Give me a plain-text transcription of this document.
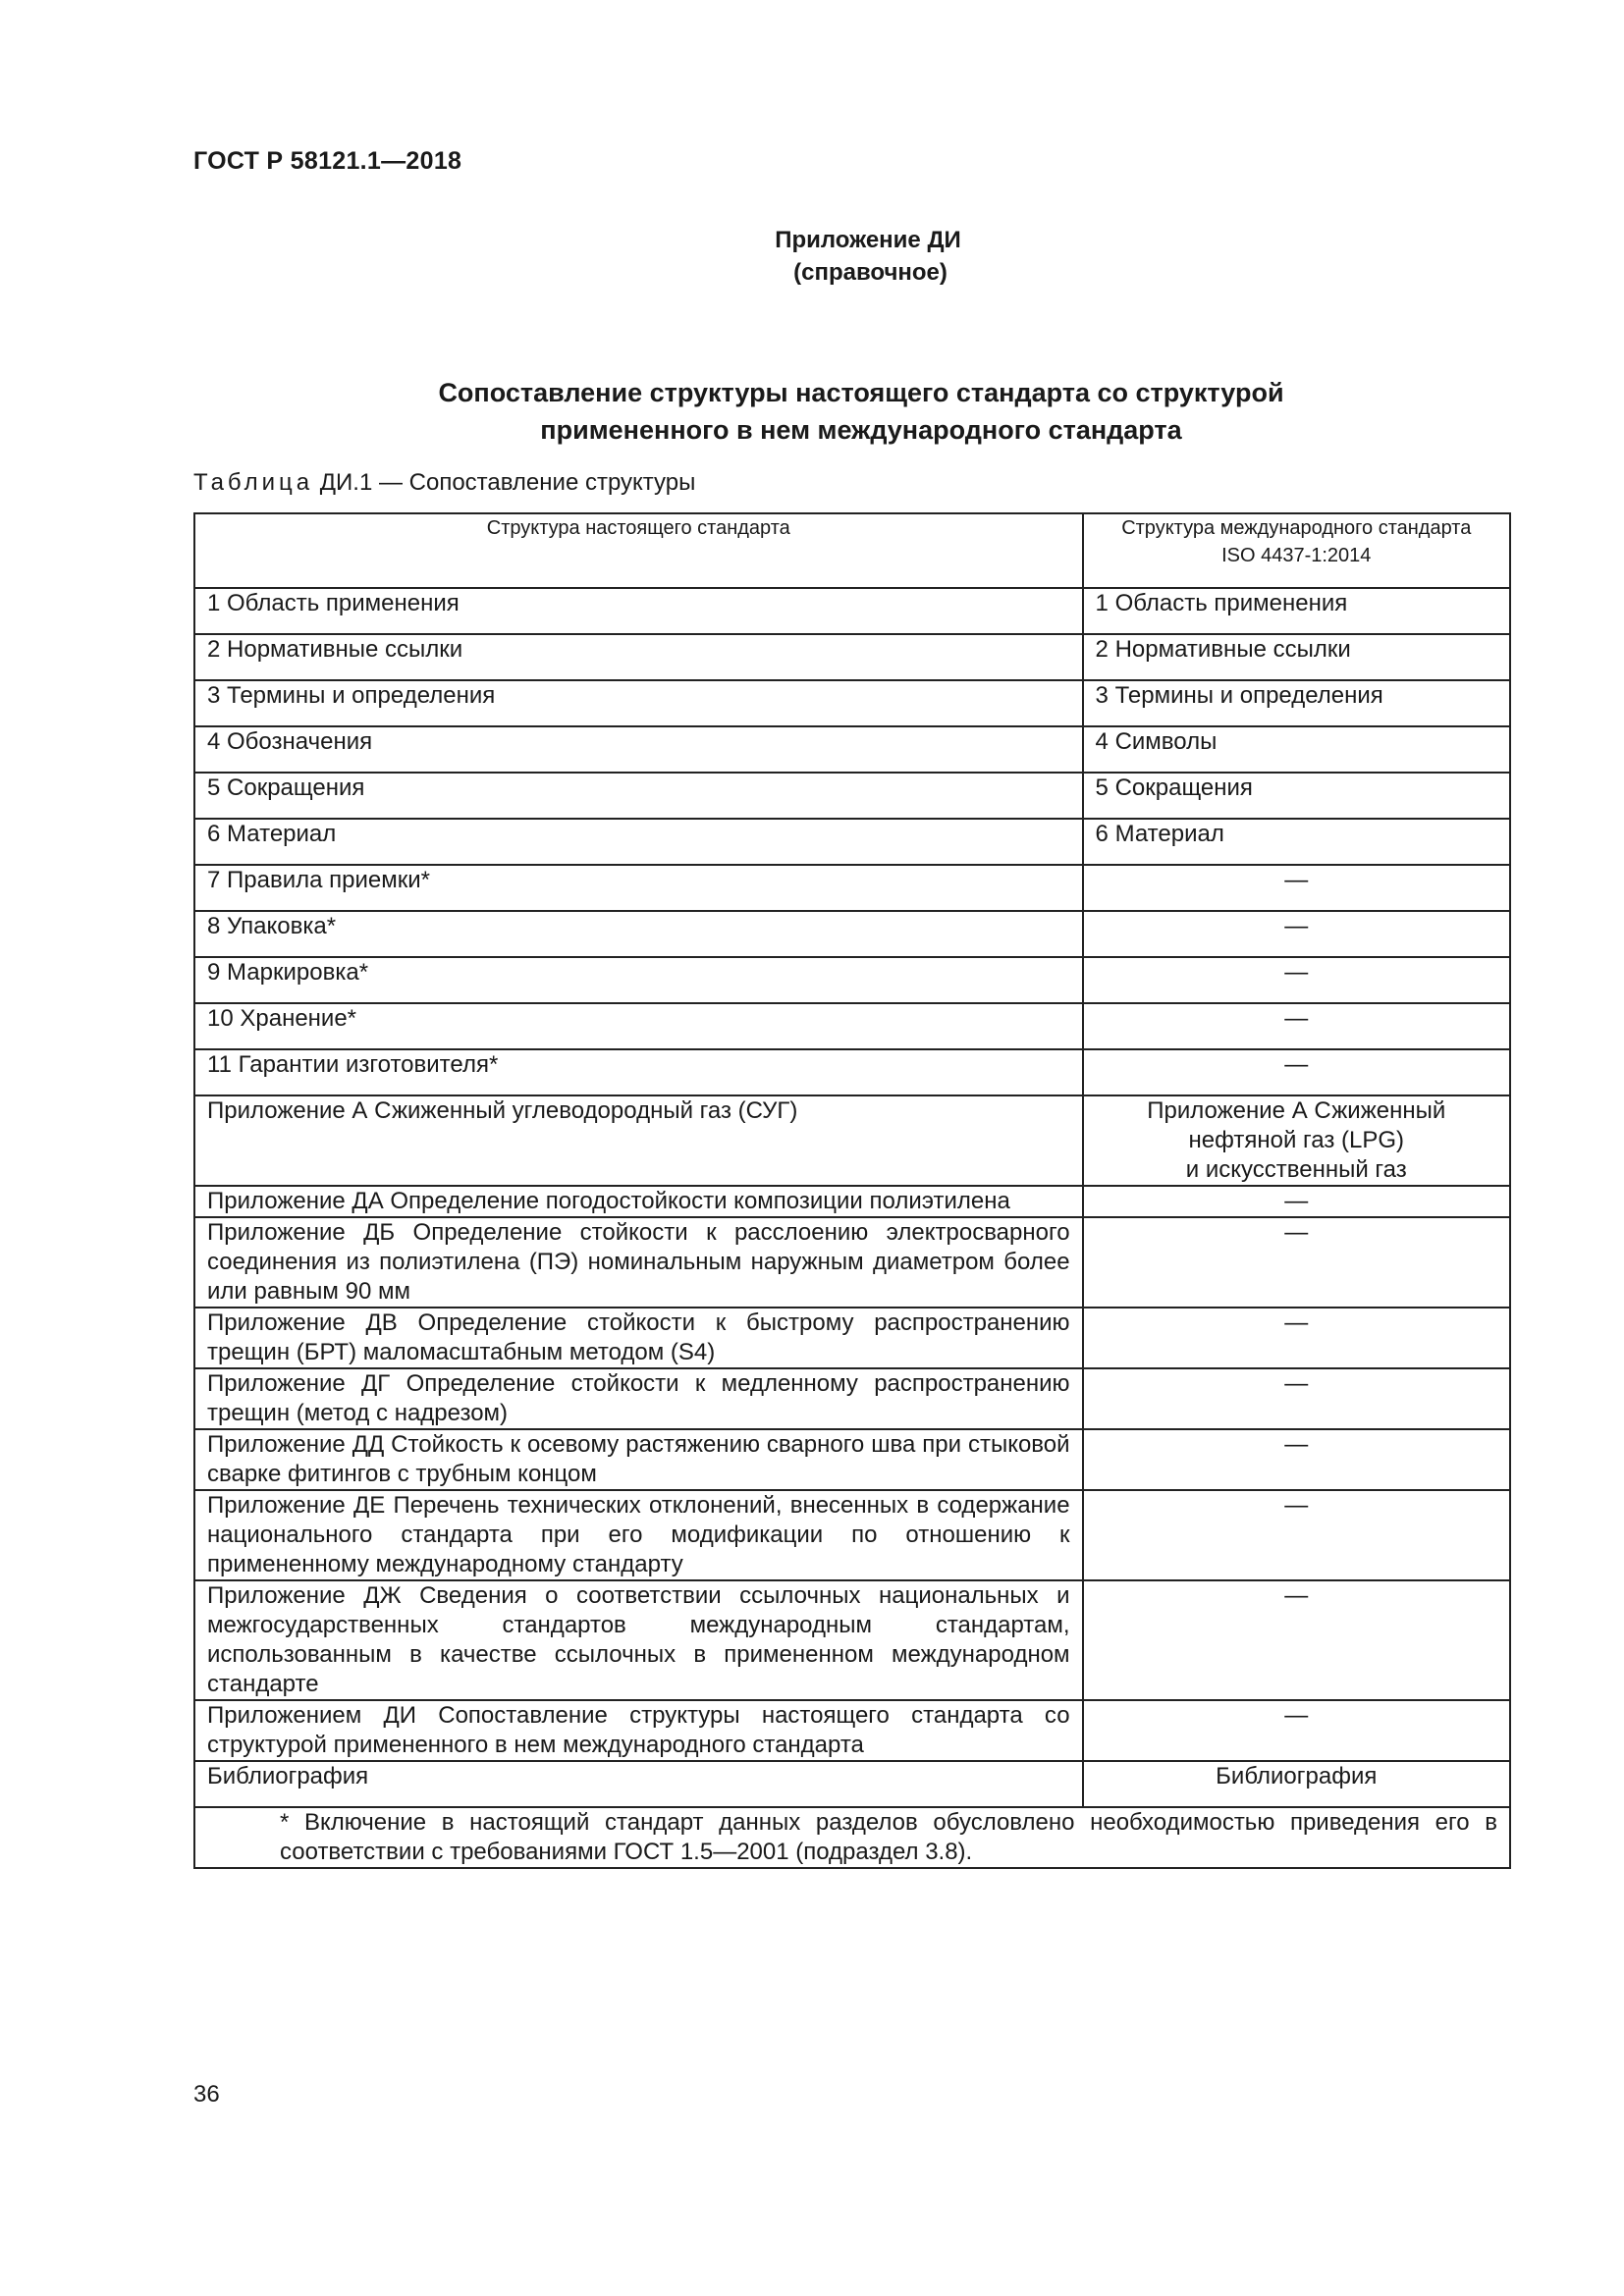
ГОСТ Р 58121.1—2018
Приложение ДИ
(справочное)
Сопоставление структуры настоящего стандарта со структурой
примененного в нем международного стандарта
Таблица ДИ.1 — Сопоставление структуры
Структура настоящего стандарта	Структура международного стандарта
ISO 4437-1:2014

1 Область применения	1 Область применения
2 Нормативные ссылки	2 Нормативные ссылки
3 Термины и определения	3 Термины и определения
4 Обозначения	4 Символы
5 Сокращения	5 Сокращения
6 Материал	6 Материал
7 Правила приемки*	—
8 Упаковка*	—
9 Маркировка*	—
10 Хранение*	—
11 Гарантии изготовителя*	—
Приложение А Сжиженный углеводородный газ (СУГ)	Приложение А Сжиженный
нефтяной газ (LPG)
и искусственный газ

Приложение ДА Определение погодостойкости композиции полиэтилена	—
Приложение ДБ Определение стойкости к расслоению электросварного соединения из полиэтилена (ПЭ) номинальным наружным диаметром более или равным 90 мм	—
Приложение ДВ Определение стойкости к быстрому распространению трещин (БРТ) маломасштабным методом (S4)	—
Приложение ДГ Определение стойкости к медленному распространению трещин (метод с надрезом)	—
Приложение ДД Стойкость к осевому растяжению сварного шва при стыковой сварке фитингов с трубным концом	—
Приложение ДЕ Перечень технических отклонений, внесенных в содержание национального стандарта при его модификации по отношению к примененному международному стандарту	—
Приложение ДЖ Сведения о соответствии ссылочных национальных и межгосударственных стандартов международным стандартам, использованным в качестве ссылочных в примененном международном стандарте	—
Приложением ДИ Сопоставление структуры настоящего стандарта со структурой примененного в нем международного стандарта	—
Библиография	Библиография

* Включение в настоящий стандарт данных разделов обусловлено необходимостью приведения его в соответствии с требованиями ГОСТ 1.5—2001 (подраздел 3.8).	
36
